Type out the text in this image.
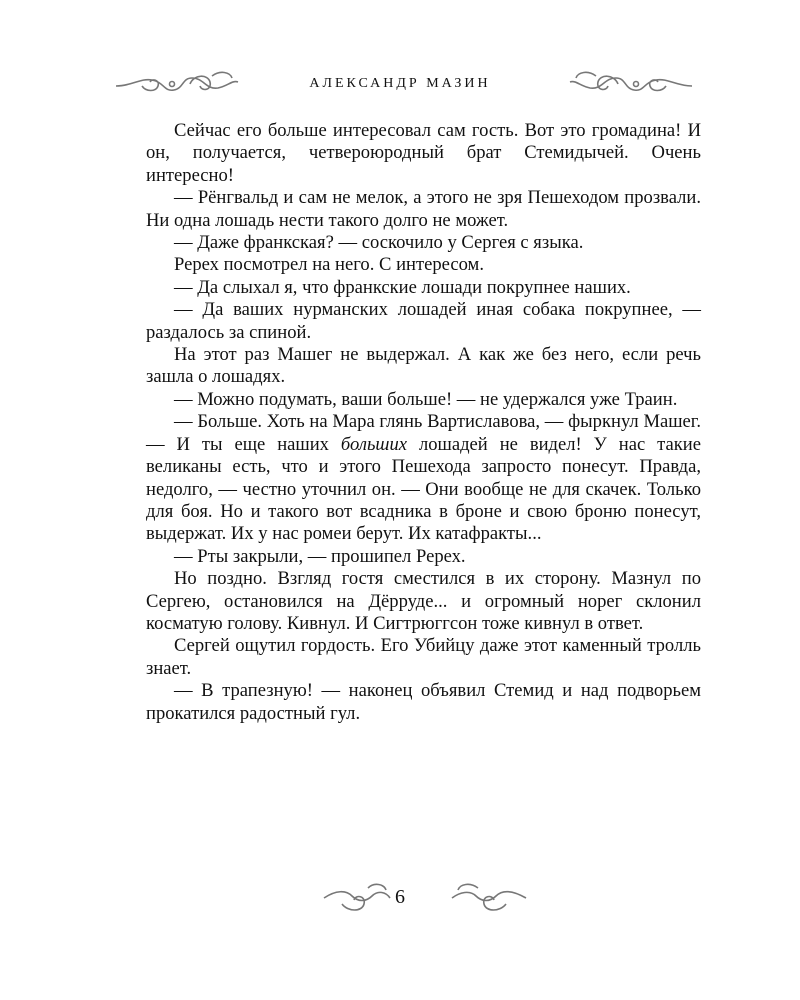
АЛЕКСАНДР МАЗИН

Сейчас его больше интересовал сам гость. Вот это громадина! И он, получается, четвероюродный брат Стемидычей. Очень интересно!

— Рёнгвальд и сам не мелок, а этого не зря Пешеходом прозвали. Ни одна лошадь нести такого долго не может.

— Даже франкская? — соскочило у Сергея с языка.

Ререх посмотрел на него. С интересом.

— Да слыхал я, что франкские лошади покрупнее наших.

— Да ваших нурманских лошадей иная собака покрупнее, — раздалось за спиной.

На этот раз Машег не выдержал. А как же без него, если речь зашла о лошадях.

— Можно подумать, ваши больше! — не удержался уже Траин.

— Больше. Хоть на Мара глянь Вартиславова, — фыркнул Машег. — И ты еще наших больших лошадей не видел! У нас такие великаны есть, что и этого Пешехода запросто понесут. Правда, недолго, — честно уточнил он. — Они вообще не для скачек. Только для боя. Но и такого вот всадника в броне и свою броню понесут, выдержат. Их у нас ромеи берут. Их катафракты...

— Рты закрыли, — прошипел Ререх.

Но поздно. Взгляд гостя сместился в их сторону. Мазнул по Сергею, остановился на Дёрруде... и огромный норег склонил косматую голову. Кивнул. И Сигтрюггсон тоже кивнул в ответ.

Сергей ощутил гордость. Его Убийцу даже этот каменный тролль знает.

— В трапезную! — наконец объявил Стемид и над подворьем прокатился радостный гул.

6
